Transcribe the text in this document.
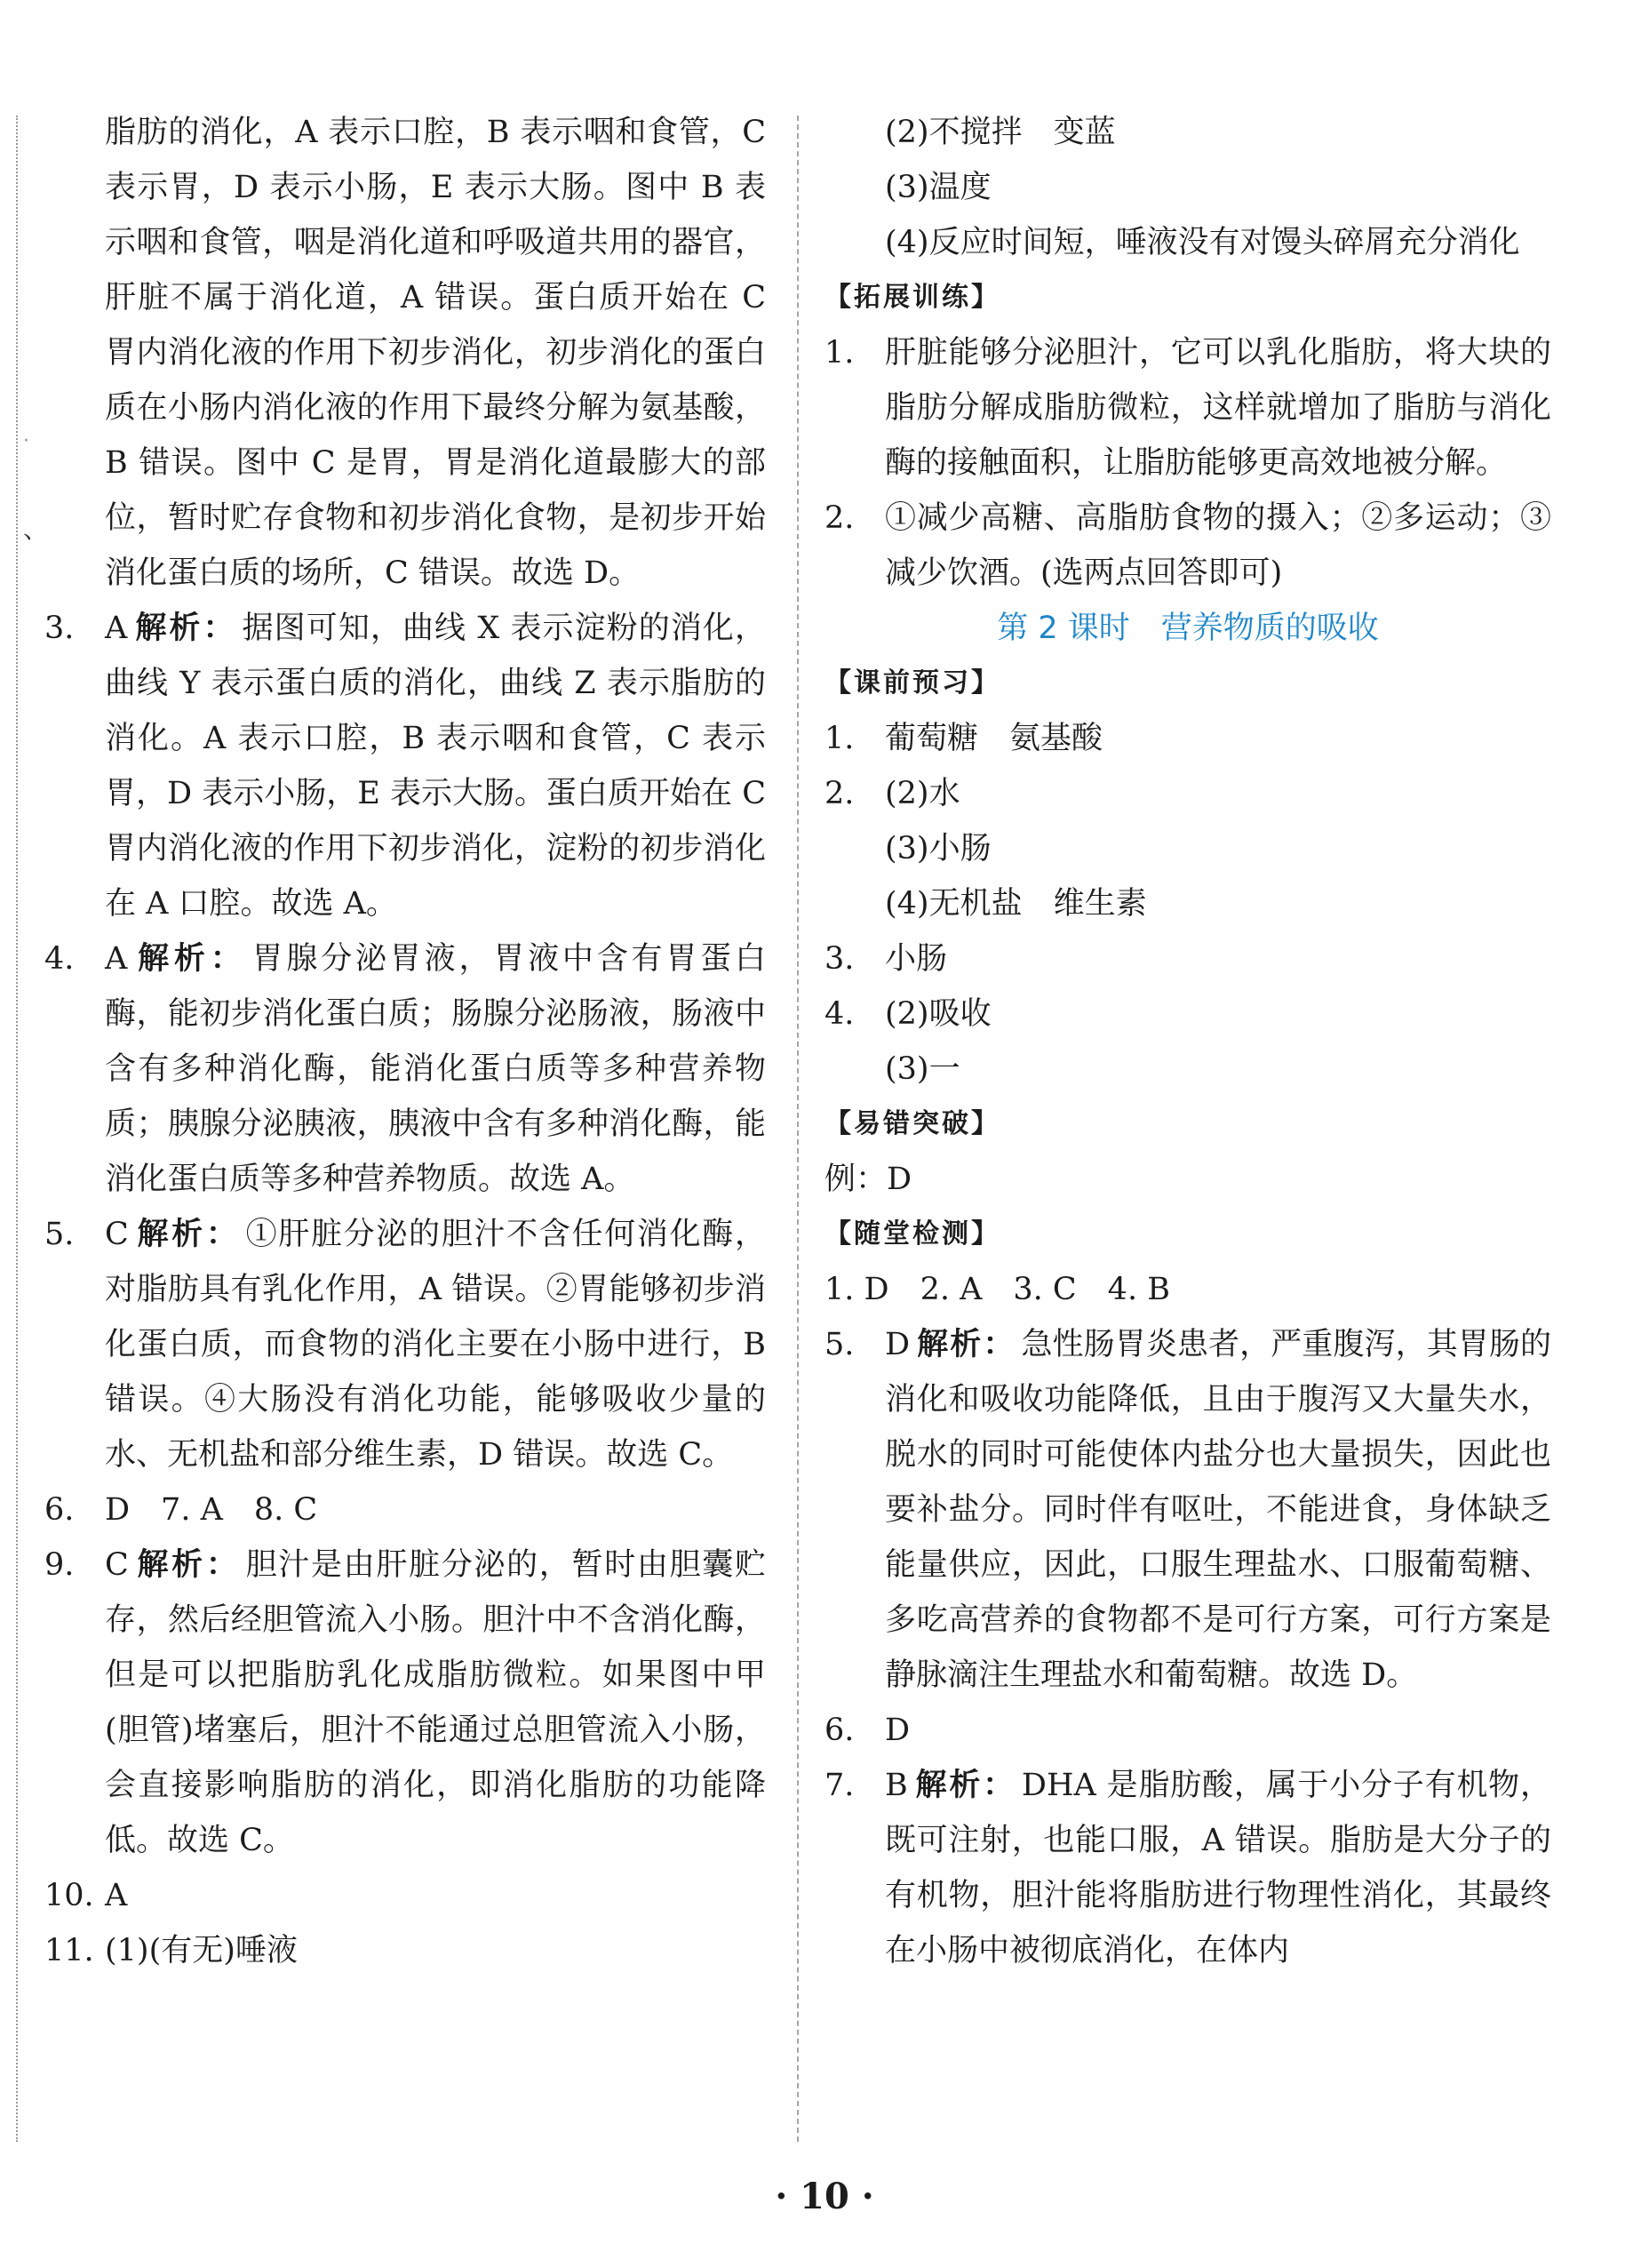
·
、
脂肪的消化，A 表示口腔，B 表示咽和食管，C 表示胃，D 表示小肠，E 表示大肠。图中 B 表示咽和食管，咽是消化道和呼吸道共用的器官，肝脏不属于消化道，A 错误。蛋白质开始在 C 胃内消化液的作用下初步消化，初步消化的蛋白质在小肠内消化液的作用下最终分解为氨基酸，B 错误。图中 C 是胃，胃是消化道最膨大的部位，暂时贮存食物和初步消化食物，是初步开始消化蛋白质的场所，C 错误。故选 D。
3. A 解析： 据图可知，曲线 X 表示淀粉的消化，曲线 Y 表示蛋白质的消化，曲线 Z 表示脂肪的消化。A 表示口腔，B 表示咽和食管，C 表示胃，D 表示小肠，E 表示大肠。蛋白质开始在 C 胃内消化液的作用下初步消化，淀粉的初步消化在 A 口腔。故选 A。
4. A 解析： 胃腺分泌胃液，胃液中含有胃蛋白酶，能初步消化蛋白质；肠腺分泌肠液，肠液中含有多种消化酶，能消化蛋白质等多种营养物质；胰腺分泌胰液，胰液中含有多种消化酶，能消化蛋白质等多种营养物质。故选 A。
5. C 解析： ①肝脏分泌的胆汁不含任何消化酶，对脂肪具有乳化作用，A 错误。②胃能够初步消化蛋白质，而食物的消化主要在小肠中进行，B 错误。④大肠没有消化功能，能够吸收少量的水、无机盐和部分维生素，D 错误。故选 C。
6. D　7. A　8. C
9. C 解析： 胆汁是由肝脏分泌的，暂时由胆囊贮存，然后经胆管流入小肠。胆汁中不含消化酶，但是可以把脂肪乳化成脂肪微粒。如果图中甲(胆管)堵塞后，胆汁不能通过总胆管流入小肠，会直接影响脂肪的消化，即消化脂肪的功能降低。故选 C。
10. A
11. (1)(有无)唾液
(2)不搅拌　变蓝
(3)温度
(4)反应时间短，唾液没有对馒头碎屑充分消化
【拓展训练】
1. 肝脏能够分泌胆汁，它可以乳化脂肪，将大块的脂肪分解成脂肪微粒，这样就增加了脂肪与消化酶的接触面积，让脂肪能够更高效地被分解。
2. ①减少高糖、高脂肪食物的摄入；②多运动；③减少饮酒。(选两点回答即可)
第 2 课时　营养物质的吸收
【课前预习】
1. 葡萄糖　氨基酸
2. (2)水
(3)小肠
(4)无机盐　维生素
3. 小肠
4. (2)吸收
(3)一
【易错突破】
例：D
【随堂检测】
1. D　2. A　3. C　4. B
5. D 解析： 急性肠胃炎患者，严重腹泻，其胃肠的消化和吸收功能降低，且由于腹泻又大量失水，脱水的同时可能使体内盐分也大量损失，因此也要补盐分。同时伴有呕吐，不能进食，身体缺乏能量供应，因此，口服生理盐水、口服葡萄糖、多吃高营养的食物都不是可行方案，可行方案是静脉滴注生理盐水和葡萄糖。故选 D。
6. D
7. B 解析： DHA 是脂肪酸，属于小分子有机物，既可注射，也能口服，A 错误。脂肪是大分子的有机物，胆汁能将脂肪进行物理性消化，其最终在小肠中被彻底消化，在体内
· 10 ·
